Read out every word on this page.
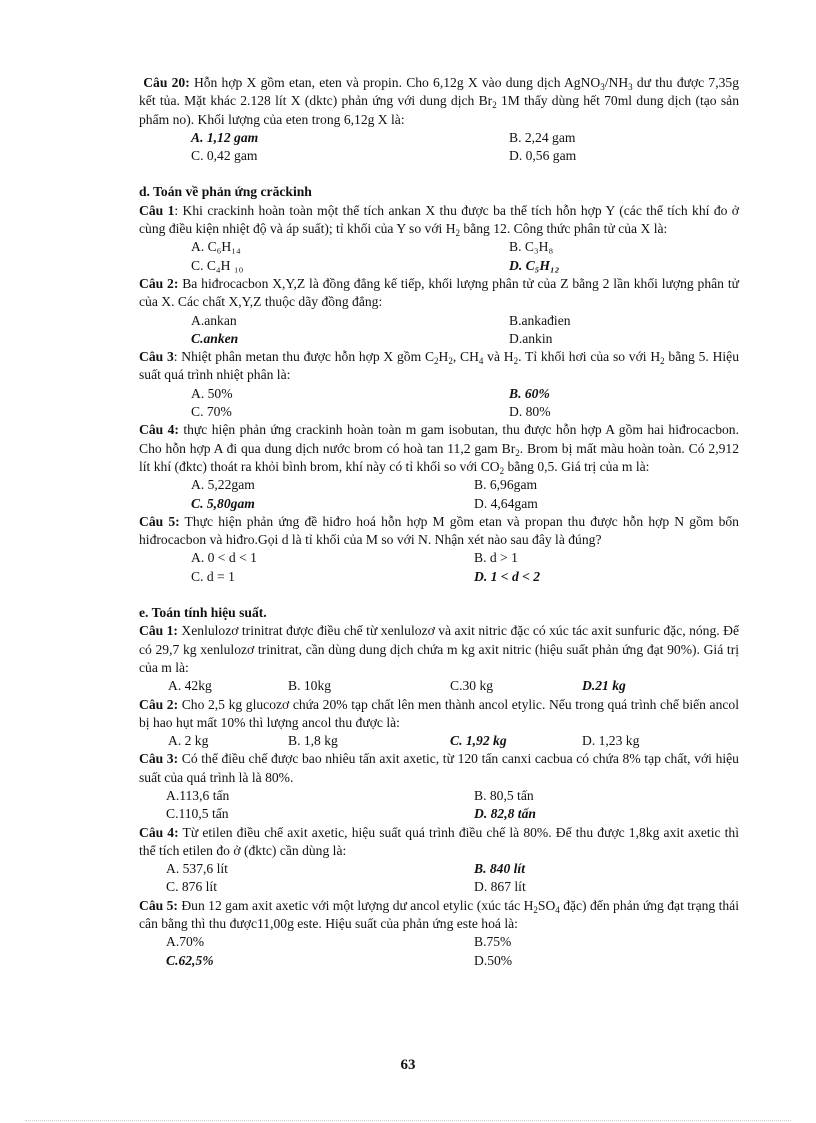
Câu 20: Hỗn hợp X gồm etan, eten và propin. Cho 6,12g X vào dung dịch $AgNO_3/NH_3$ dư thu được 7,35g kết tủa. Mặt khác 2.128 lít X (dktc) phản ứng với dung dịch $Br_2$ 1M thấy dùng hết 70ml dung dịch (tạo sản phẩm no). Khối lượng của eten trong 6,12g X là:

A. 1,12 gam	B. 2,24 gam
C. 0,42 gam	D. 0,56 gam

d. Toán về phản ứng crăckinh

Câu 1: Khi crackinh hoàn toàn một thể tích ankan X thu được ba thể tích hỗn hợp Y (các thể tích khí đo ở cùng điều kiện nhiệt độ và áp suất); tỉ khối của Y so với $H_2$ bằng 12. Công thức phân tử của X là:

A. C₆H₁₄	B. C₃H₈
C. C₄H ₁₀	D. C₅H₁₂

Câu 2: Ba hiđrocacbon X,Y,Z là đồng đẳng kế tiếp, khối lượng phân tử của Z bằng 2 lần khối lượng phân tử của X. Các chất X,Y,Z thuộc dãy đồng đẳng:

A.ankan	B.ankađien
C.anken	D.ankin

Câu 3: Nhiệt phân metan thu được hỗn hợp X gồm $C_2H_2$, $CH_4$ và $H_2$. Tỉ khối hơi của so với $H_2$ bằng 5. Hiệu suất quá trình nhiệt phân là:

A. 50%	B. 60%
C. 70%	D. 80%

Câu 4: thực hiện phản ứng crackinh hoàn toàn m gam isobutan, thu được hỗn hợp A gồm hai hiđrocacbon. Cho hỗn hợp A đi qua dung dịch nước brom có hoà tan 11,2 gam $Br_2$. Brom bị mất màu hoàn toàn. Có 2,912 lít khí (đktc) thoát ra khỏi bình brom, khí này có tỉ khối so với $CO_2$ bằng 0,5. Giá trị của m là:

A. 5,22gam	B. 6,96gam
C. 5,80gam	D. 4,64gam

Câu 5: Thực hiện phản ứng đề hiđro hoá hỗn hợp M gồm etan và propan thu được hỗn hợp N gồm bốn hiđrocacbon và hiđro.Gọi d là tỉ khối của M so với N. Nhận xét nào sau đây là đúng?

A. 0 < d < 1	B. d > 1
C. d = 1	D. 1 < d < 2

e. Toán tính hiệu suất.

Câu 1: Xenlulozơ trinitrat được điều chế từ xenlulozơ và axit nitric đặc có xúc tác axit sunfuric đặc, nóng. Để có 29,7 kg xenlulozơ trinitrat, cần dùng dung dịch chứa m kg axit nitric (hiệu suất phản ứng đạt 90%). Giá trị của m là:

A. 42kg	B. 10kg	C.30 kg	D.21 kg

Câu 2: Cho 2,5 kg glucozơ chứa 20% tạp chất lên men thành ancol etylic. Nếu trong quá trình chế biến ancol bị hao hụt mất 10% thì lượng ancol thu được là:

A. 2 kg	B. 1,8 kg	C. 1,92 kg	D. 1,23 kg

Câu 3: Có thể điều chế được bao nhiêu tấn axit axetic, từ 120 tấn canxi cacbua có chứa 8% tạp chất, với hiệu suất của quá trình là là 80%.

A.113,6 tấn	B. 80,5 tấn
C.110,5 tấn	D. 82,8 tấn

Câu 4: Từ etilen điều chế axit axetic, hiệu suất quá trình điều chế là 80%. Để thu được 1,8kg axit axetic thì thể tích etilen đo ở (đktc) cần dùng là:

A. 537,6 lít	B. 840 lít
C. 876 lít	D. 867 lít

Câu 5: Đun 12 gam axit axetic với một lượng dư ancol etylic (xúc tác $H_2SO_4$ đặc) đến phản ứng đạt trạng thái cân bằng thì thu được11,00g este. Hiệu suất của phản ứng este hoá là:

A.70%	B.75%
C.62,5%	D.50%
63
